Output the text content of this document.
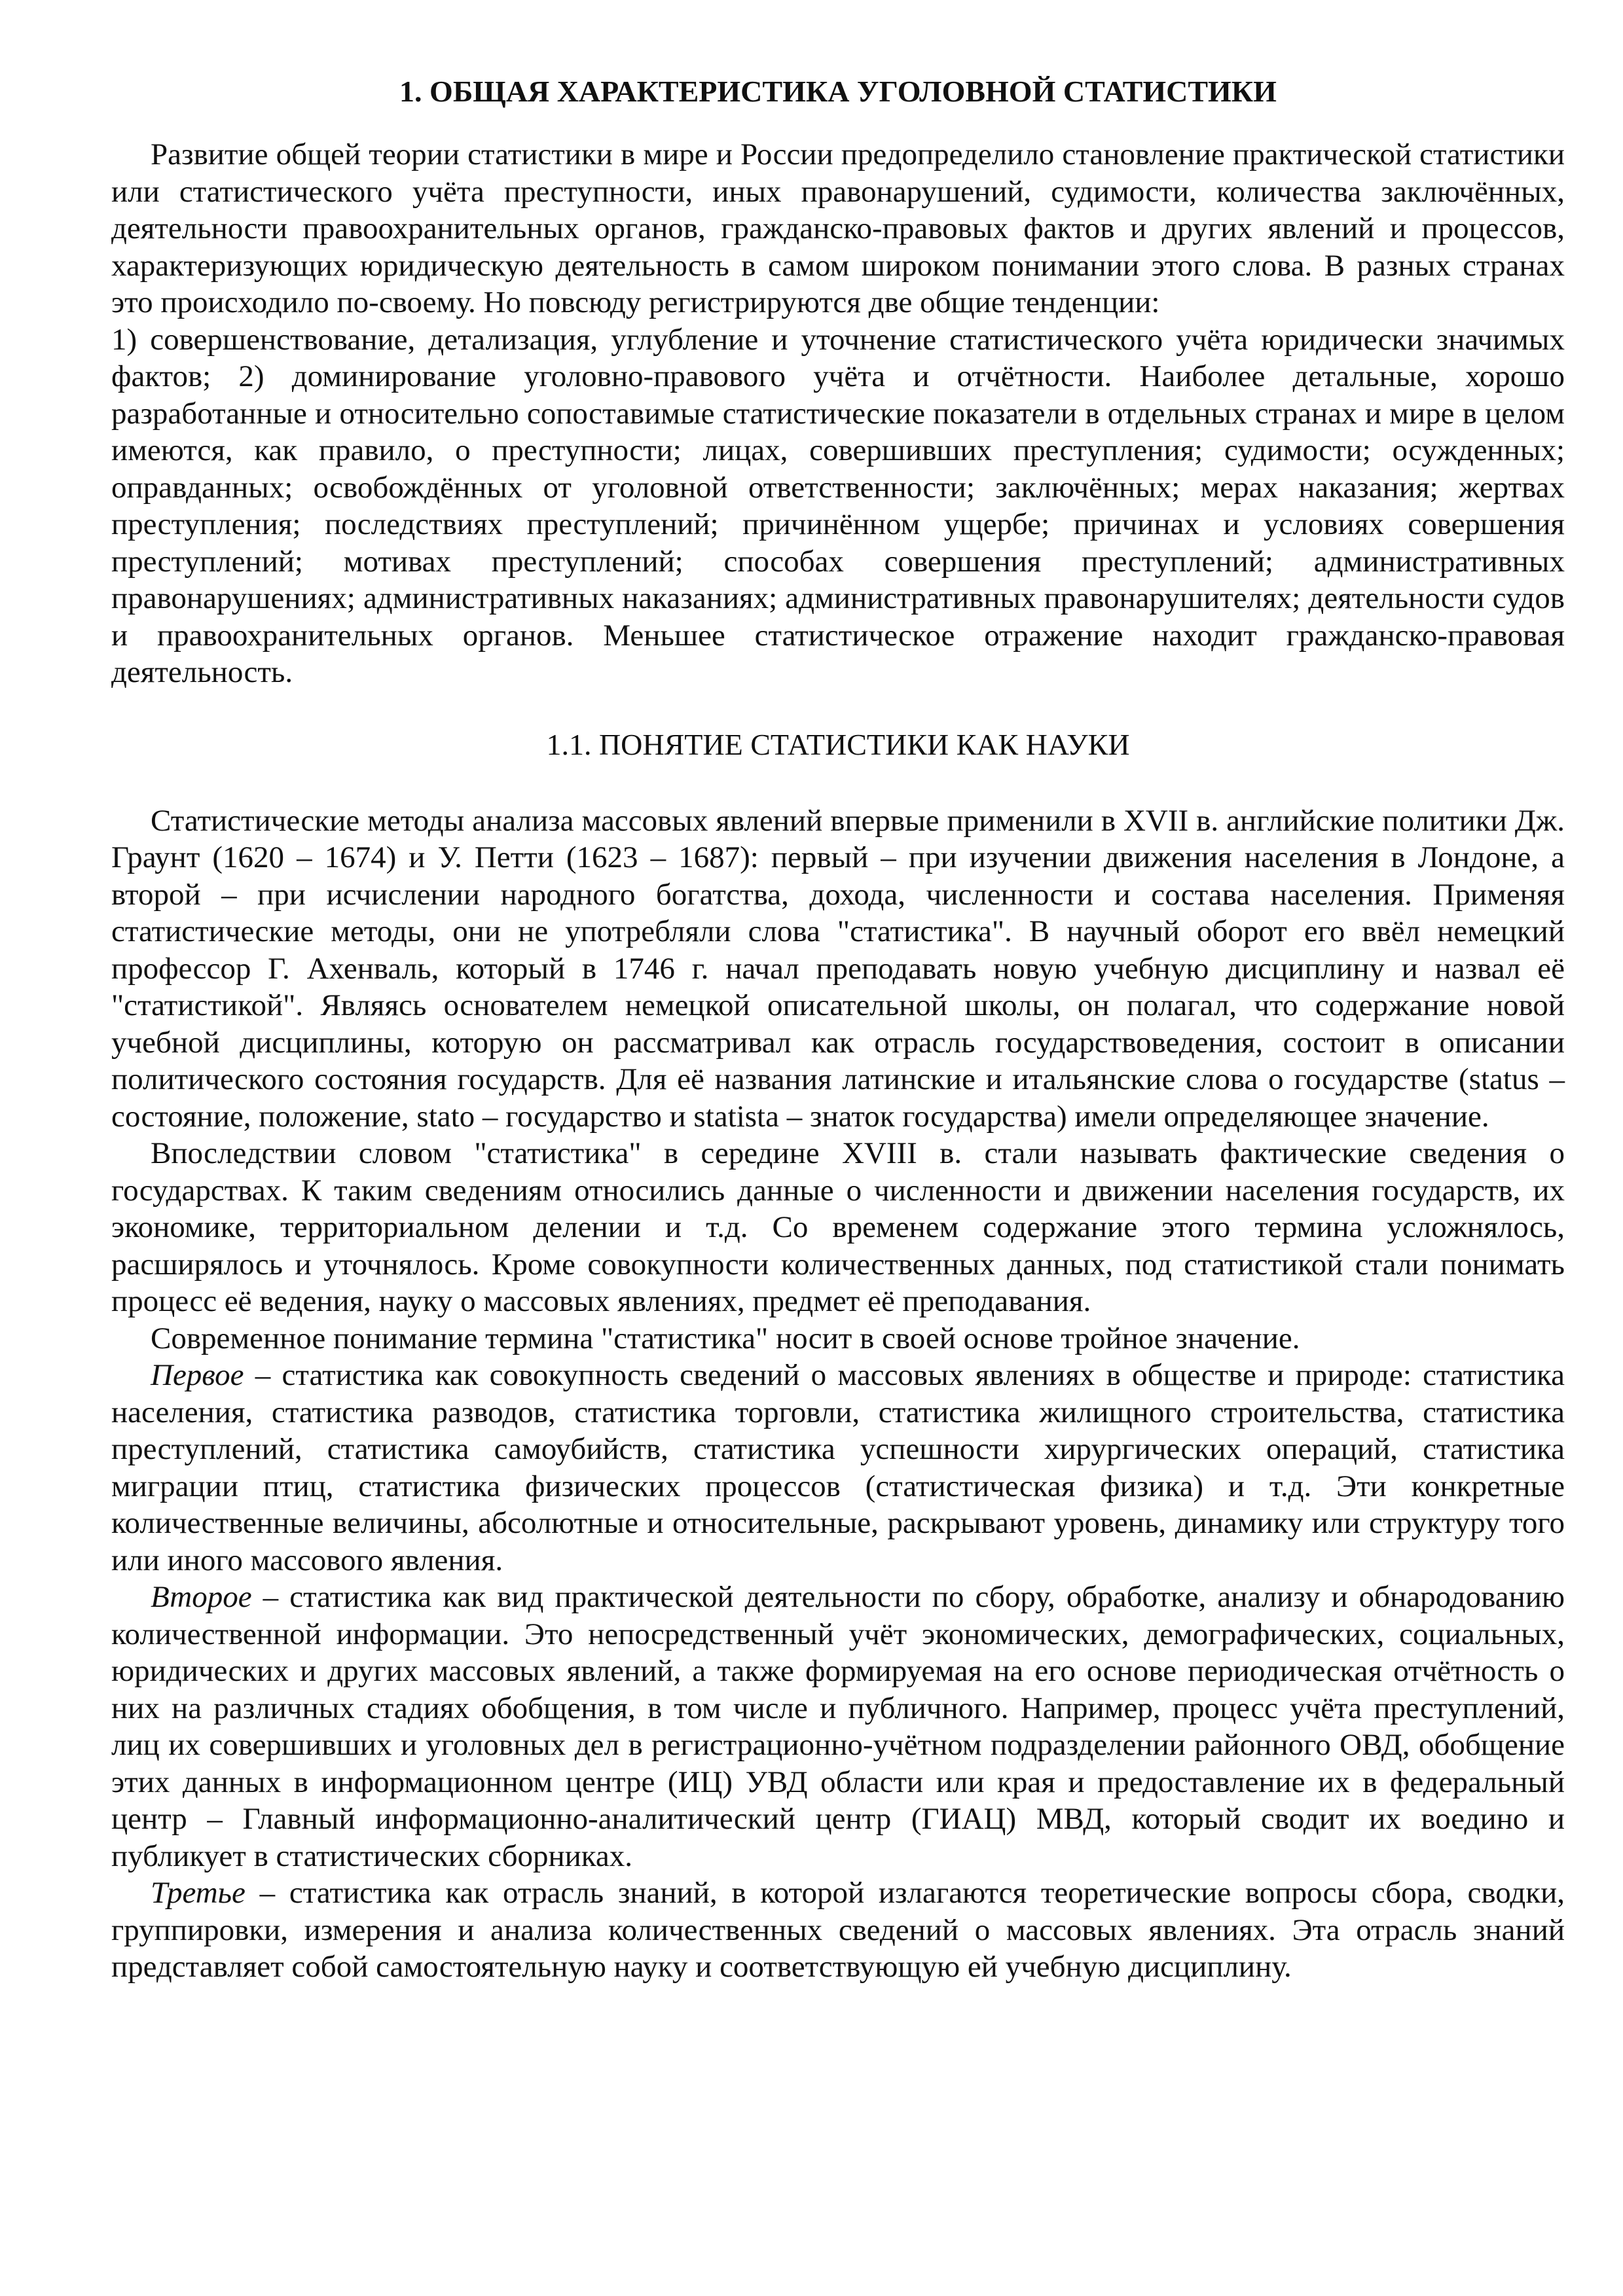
1. ОБЩАЯ ХАРАКТЕРИСТИКА УГОЛОВНОЙ СТАТИСТИКИ

Развитие общей теории статистики в мире и России предопределило становление практической статистики или статистического учёта преступности, иных правонарушений, судимости, количества заключённых, деятельности правоохранительных органов, гражданско-правовых фактов и других явлений и процессов, характеризующих юридическую деятельность в самом широком понимании этого слова. В разных странах это происходило по-своему. Но повсюду регистрируются две общие тенденции:

1) совершенствование, детализация, углубление и уточнение статистического учёта юридически значимых фактов; 2) доминирование уголовно-правового учёта и отчётности. Наиболее детальные, хорошо разработанные и относительно сопоставимые статистические показатели в отдельных странах и мире в целом имеются, как правило, о преступности; лицах, совершивших преступления; судимости; осужденных; оправданных; освобождённых от уголовной ответственности; заключённых; мерах наказания; жертвах преступления; последствиях преступлений; причинённом ущербе; причинах и условиях совершения преступлений; мотивах преступлений; способах совершения преступлений; административных правонарушениях; административных наказаниях; административных правонарушителях; деятельности судов и правоохранительных органов. Меньшее статистическое отражение находит гражданско-правовая деятельность.

1.1. ПОНЯТИЕ СТАТИСТИКИ КАК НАУКИ

Статистические методы анализа массовых явлений впервые применили в XVII в. английские политики Дж. Граунт (1620 – 1674) и У. Петти (1623 – 1687): первый – при изучении движения населения в Лондоне, а второй – при исчислении народного богатства, дохода, численности и состава населения. Применяя статистические методы, они не употребляли слова "статистика". В научный оборот его ввёл немецкий профессор Г. Ахенваль, который в 1746 г. начал преподавать новую учебную дисциплину и назвал её "статистикой". Являясь основателем немецкой описательной школы, он полагал, что содержание новой учебной дисциплины, которую он рассматривал как отрасль государствоведения, состоит в описании политического состояния государств. Для её названия латинские и итальянские слова о государстве (status – состояние, положение, stato – государство и statista – знаток государства) имели определяющее значение.

Впоследствии словом "статистика" в середине XVIII в. стали называть фактические сведения о государствах. К таким сведениям относились данные о численности и движении населения государств, их экономике, территориальном делении и т.д. Со временем содержание этого термина усложнялось, расширялось и уточнялось. Кроме совокупности количественных данных, под статистикой стали понимать процесс её ведения, науку о массовых явлениях, предмет её преподавания.

Современное понимание термина "статистика" носит в своей основе тройное значение.

Первое – статистика как совокупность сведений о массовых явлениях в обществе и природе: статистика населения, статистика разводов, статистика торговли, статистика жилищного строительства, статистика преступлений, статистика самоубийств, статистика успешности хирургических операций, статистика миграции птиц, статистика физических процессов (статистическая физика) и т.д. Эти конкретные количественные величины, абсолютные и относительные, раскрывают уровень, динамику или структуру того или иного массового явления.

Второе – статистика как вид практической деятельности по сбору, обработке, анализу и обнародованию количественной информации. Это непосредственный учёт экономических, демографических, социальных, юридических и других массовых явлений, а также формируемая на его основе периодическая отчётность о них на различных стадиях обобщения, в том числе и публичного. Например, процесс учёта преступлений, лиц их совершивших и уголовных дел в регистрационно-учётном подразделении районного ОВД, обобщение этих данных в информационном центре (ИЦ) УВД области или края и предоставление их в федеральный центр – Главный информационно-аналитический центр (ГИАЦ) МВД, который сводит их воедино и публикует в статистических сборниках.

Третье – статистика как отрасль знаний, в которой излагаются теоретические вопросы сбора, сводки, группировки, измерения и анализа количественных сведений о массовых явлениях. Эта отрасль знаний представляет собой самостоятельную науку и соответствующую ей учебную дисциплину.
